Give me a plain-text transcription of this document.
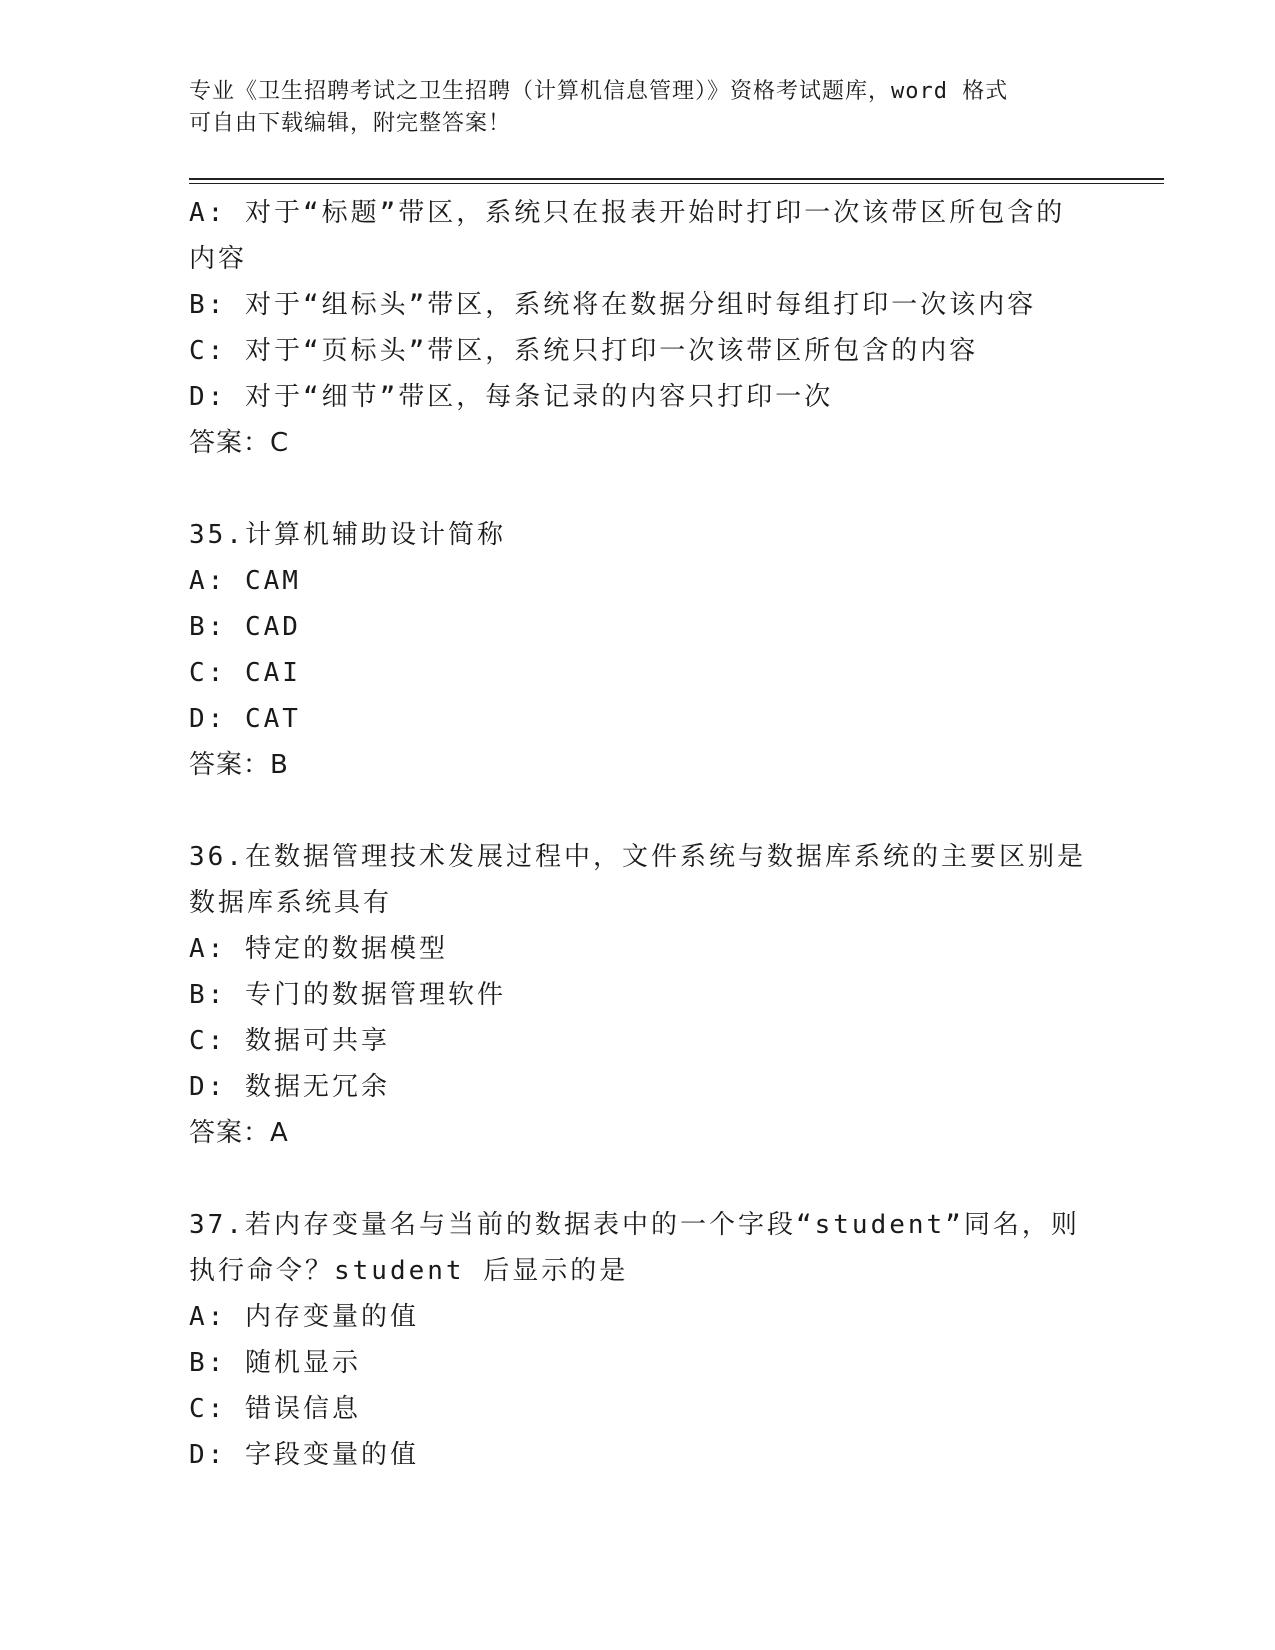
专业《卫生招聘考试之卫生招聘（计算机信息管理）》资格考试题库，word 格式
可自由下载编辑，附完整答案！
A: 对于“标题”带区，系统只在报表开始时打印一次该带区所包含的
内容
B: 对于“组标头”带区，系统将在数据分组时每组打印一次该内容
C: 对于“页标头”带区，系统只打印一次该带区所包含的内容
D: 对于“细节”带区，每条记录的内容只打印一次
答案：C
35.计算机辅助设计简称
A: CAM
B: CAD
C: CAI
D: CAT
答案：B
36.在数据管理技术发展过程中，文件系统与数据库系统的主要区别是
数据库系统具有
A: 特定的数据模型
B: 专门的数据管理软件
C: 数据可共享
D: 数据无冗余
答案：A
37.若内存变量名与当前的数据表中的一个字段“student”同名，则
执行命令？student 后显示的是
A: 内存变量的值
B: 随机显示
C: 错误信息
D: 字段变量的值
